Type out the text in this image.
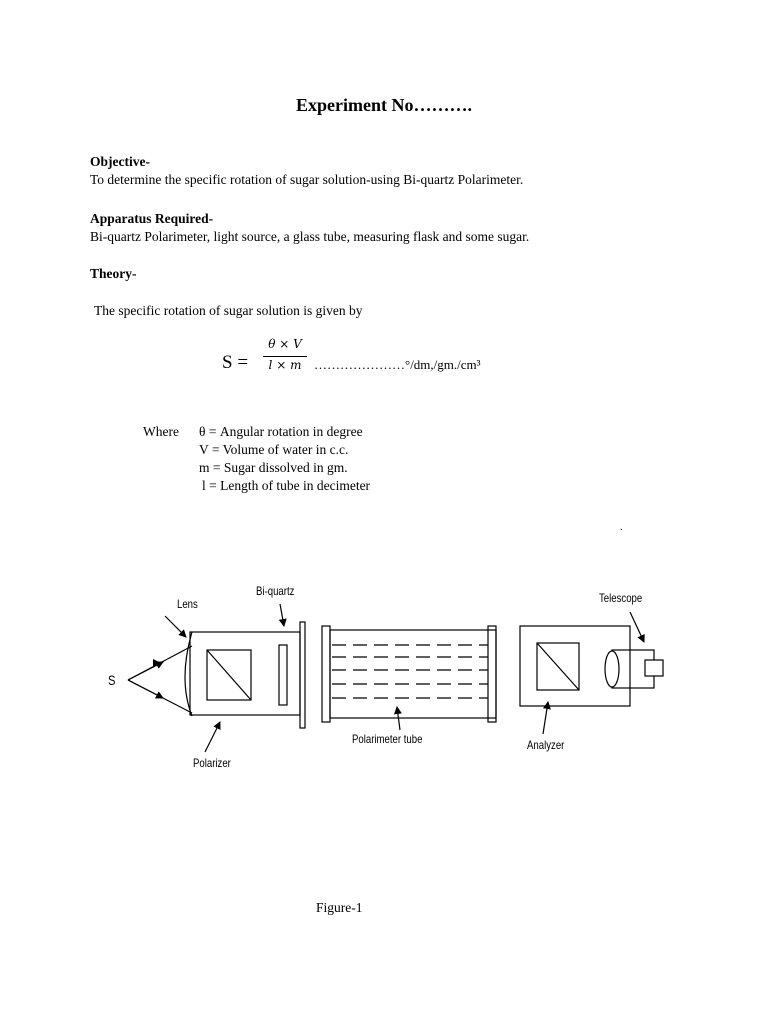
Experiment No……….
Objective-
To determine the specific rotation of sugar solution-using Bi-quartz Polarimeter.
Apparatus Required-
Bi-quartz Polarimeter, light source, a glass tube, measuring flask and some sugar.
Theory-
The specific rotation of sugar solution is given by
S =
θ × V
l × m …………………°/dm,/gm./cm³
Where θ = Angular rotation in degree
V = Volume of water in c.c.
m = Sugar dissolved in gm.
l = Length of tube in decimeter
.
S
Lens
Bi-quartz	Telescope
Polarimeter tube	Analyzer
Polarizer
Figure-1
